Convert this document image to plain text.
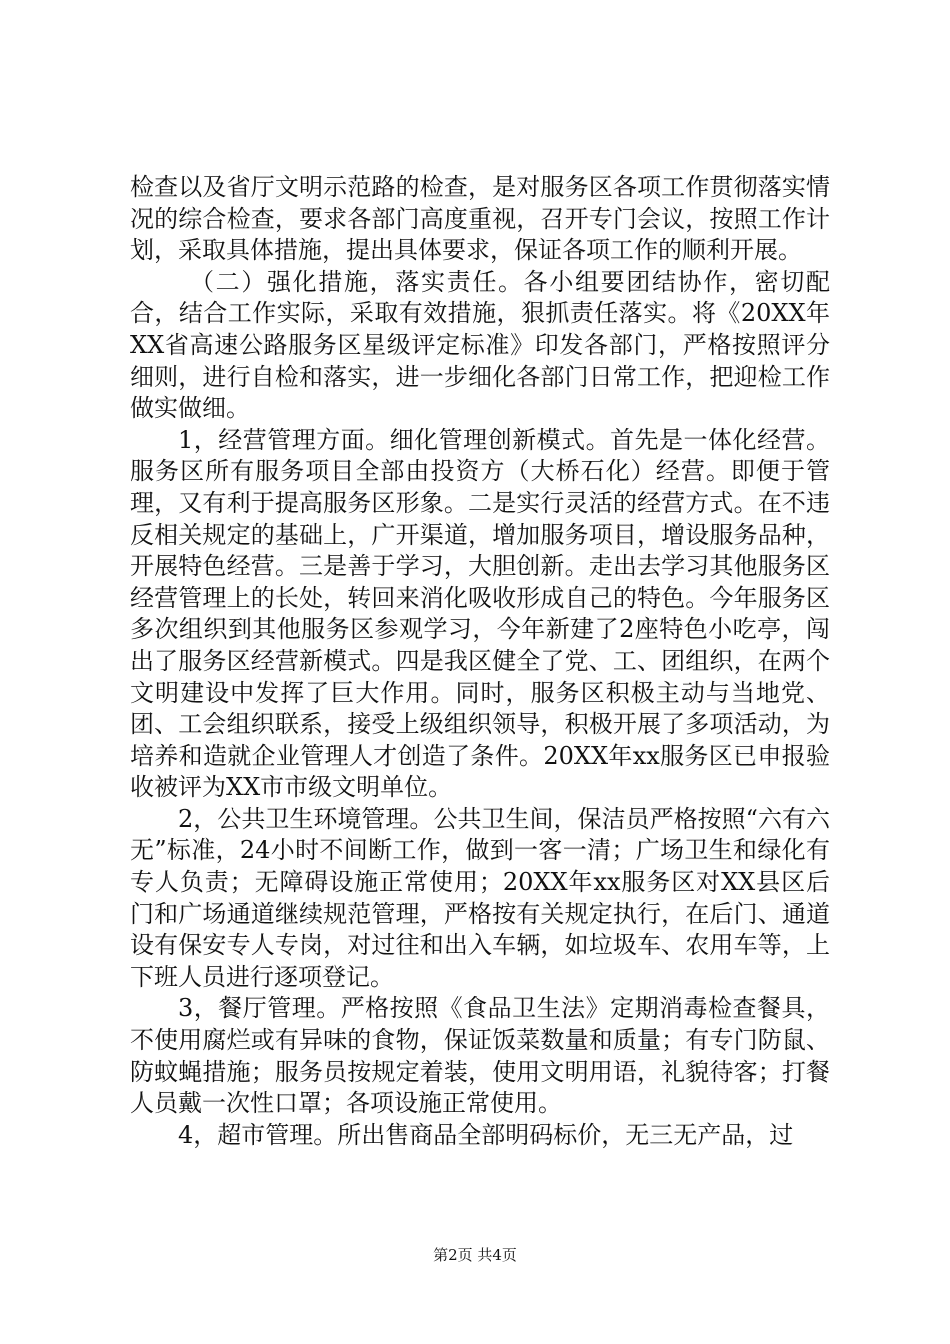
检查以及省厅文明示范路的检查，是对服务区各项工作贯彻落实情况的综合检查，要求各部门高度重视，召开专门会议，按照工作计划，采取具体措施，提出具体要求，保证各项工作的顺利开展。

（二）强化措施，落实责任。各小组要团结协作，密切配合，结合工作实际，采取有效措施，狠抓责任落实。将《20XX年XX省高速公路服务区星级评定标准》印发各部门，严格按照评分细则，进行自检和落实，进一步细化各部门日常工作，把迎检工作做实做细。

1，经营管理方面。细化管理创新模式。首先是一体化经营。服务区所有服务项目全部由投资方（大桥石化）经营。即便于管理，又有利于提高服务区形象。二是实行灵活的经营方式。在不违反相关规定的基础上，广开渠道，增加服务项目，增设服务品种，开展特色经营。三是善于学习，大胆创新。走出去学习其他服务区经营管理上的长处，转回来消化吸收形成自己的特色。今年服务区多次组织到其他服务区参观学习，今年新建了2座特色小吃亭，闯出了服务区经营新模式。四是我区健全了党、工、团组织，在两个文明建设中发挥了巨大作用。同时，服务区积极主动与当地党、团、工会组织联系，接受上级组织领导，积极开展了多项活动，为培养和造就企业管理人才创造了条件。20XX年xx服务区已申报验收被评为XX市市级文明单位。

2，公共卫生环境管理。公共卫生间，保洁员严格按照“六有六无”标准，24小时不间断工作，做到一客一清；广场卫生和绿化有专人负责；无障碍设施正常使用；20XX年xx服务区对XX县区后门和广场通道继续规范管理，严格按有关规定执行，在后门、通道设有保安专人专岗，对过往和出入车辆，如垃圾车、农用车等，上下班人员进行逐项登记。

3，餐厅管理。严格按照《食品卫生法》定期消毒检查餐具，不使用腐烂或有异味的食物，保证饭菜数量和质量；有专门防鼠、防蚊蝇措施；服务员按规定着装，使用文明用语，礼貌待客；打餐人员戴一次性口罩；各项设施正常使用。

4，超市管理。所出售商品全部明码标价，无三无产品，过

第2页 共4页
